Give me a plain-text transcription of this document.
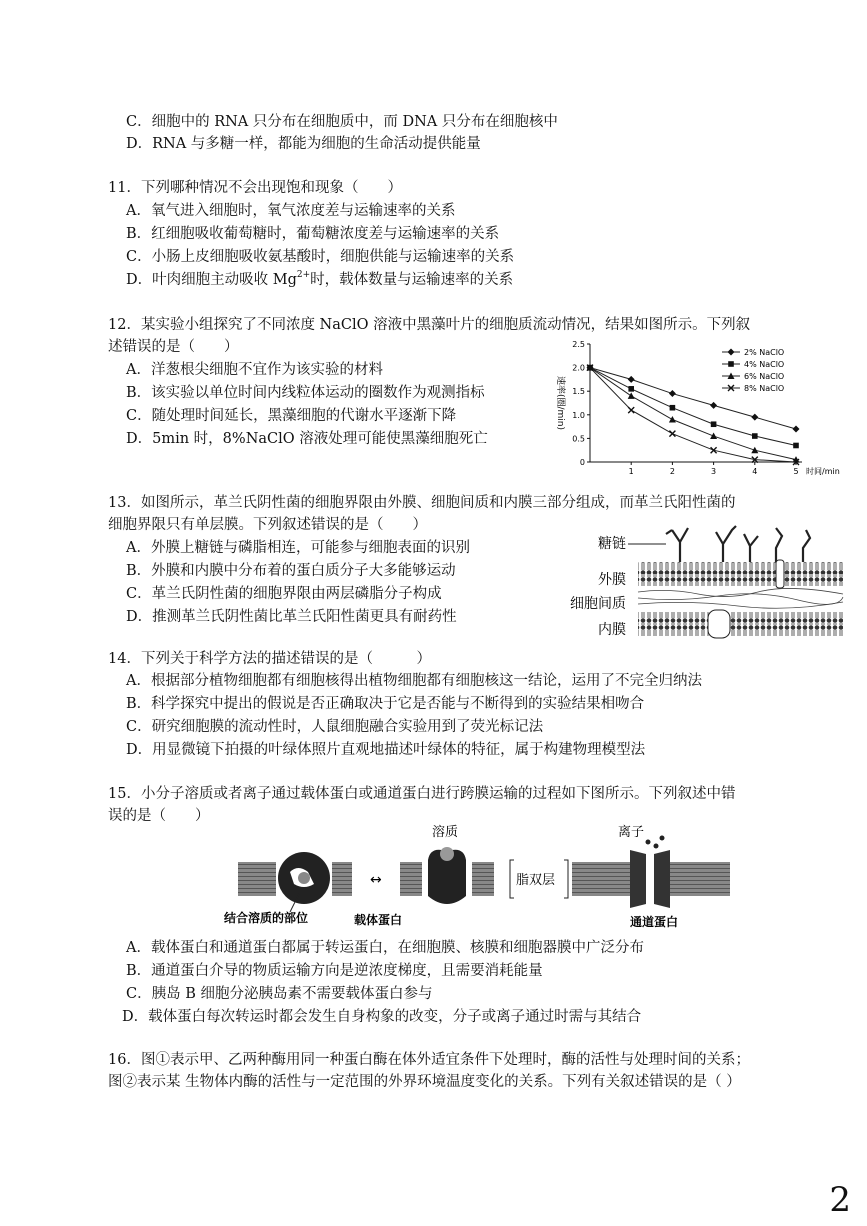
C．细胞中的 RNA 只分布在细胞质中，而 DNA 只分布在细胞核中
D．RNA 与多糖一样，都能为细胞的生命活动提供能量
11．下列哪种情况不会出现饱和现象（　　）
A．氧气进入细胞时，氧气浓度差与运输速率的关系
B．红细胞吸收葡萄糖时，葡萄糖浓度差与运输速率的关系
C．小肠上皮细胞吸收氨基酸时，细胞供能与运输速率的关系
D．叶肉细胞主动吸收 $Mg^{2+}$时，载体数量与运输速率的关系
12．某实验小组探究了不同浓度 NaClO 溶液中黑藻叶片的细胞质流动情况，结果如图所示。下列叙
述错误的是（　　）
A．洋葱根尖细胞不宜作为该实验的材料
B．该实验以单位时间内线粒体运动的圈数作为观测指标
C．随处理时间延长，黑藻细胞的代谢水平逐渐下降
D．5min 时，8%NaClO 溶液处理可能使黑藻细胞死亡
0
0.5
1.0
1.5
2.0
2.5
1	2	3	4	5 时间/min
速率(圈/min)
2% NaClO
4% NaClO
6% NaClO
8% NaClO
13．如图所示，革兰氏阴性菌的细胞界限由外膜、细胞间质和内膜三部分组成，而革兰氏阳性菌的
细胞界限只有单层膜。下列叙述错误的是（　　）
A．外膜上糖链与磷脂相连，可能参与细胞表面的识别
B．外膜和内膜中分布着的蛋白质分子大多能够运动
C．革兰氏阴性菌的细胞界限由两层磷脂分子构成
D．推测革兰氏阴性菌比革兰氏阳性菌更具有耐药性
糖链
外膜
细胞间质
内膜
14．下列关于科学方法的描述错误的是（　　　）
A．根据部分植物细胞都有细胞核得出植物细胞都有细胞核这一结论，运用了不完全归纳法
B．科学探究中提出的假说是否正确取决于它是否能与不断得到的实验结果相吻合
C．研究细胞膜的流动性时，人鼠细胞融合实验用到了荧光标记法
D．用显微镜下拍摄的叶绿体照片直观地描述叶绿体的特征，属于构建物理模型法
15．小分子溶质或者离子通过载体蛋白或通道蛋白进行跨膜运输的过程如下图所示。下列叙述中错
误的是（　　）
↔
溶质	离子
脂双层
结合溶质的部位	载体蛋白	通道蛋白
A．载体蛋白和通道蛋白都属于转运蛋白，在细胞膜、核膜和细胞器膜中广泛分布
B．通道蛋白介导的物质运输方向是逆浓度梯度，且需要消耗能量
C．胰岛 B 细胞分泌胰岛素不需要载体蛋白参与
D．载体蛋白每次转运时都会发生自身构象的改变，分子或离子通过时需与其结合
16．图①表示甲、乙两种酶用同一种蛋白酶在体外适宜条件下处理时，酶的活性与处理时间的关系；
图②表示某 生物体内酶的活性与一定范围的外界环境温度变化的关系。下列有关叙述错误的是（ ）
2
